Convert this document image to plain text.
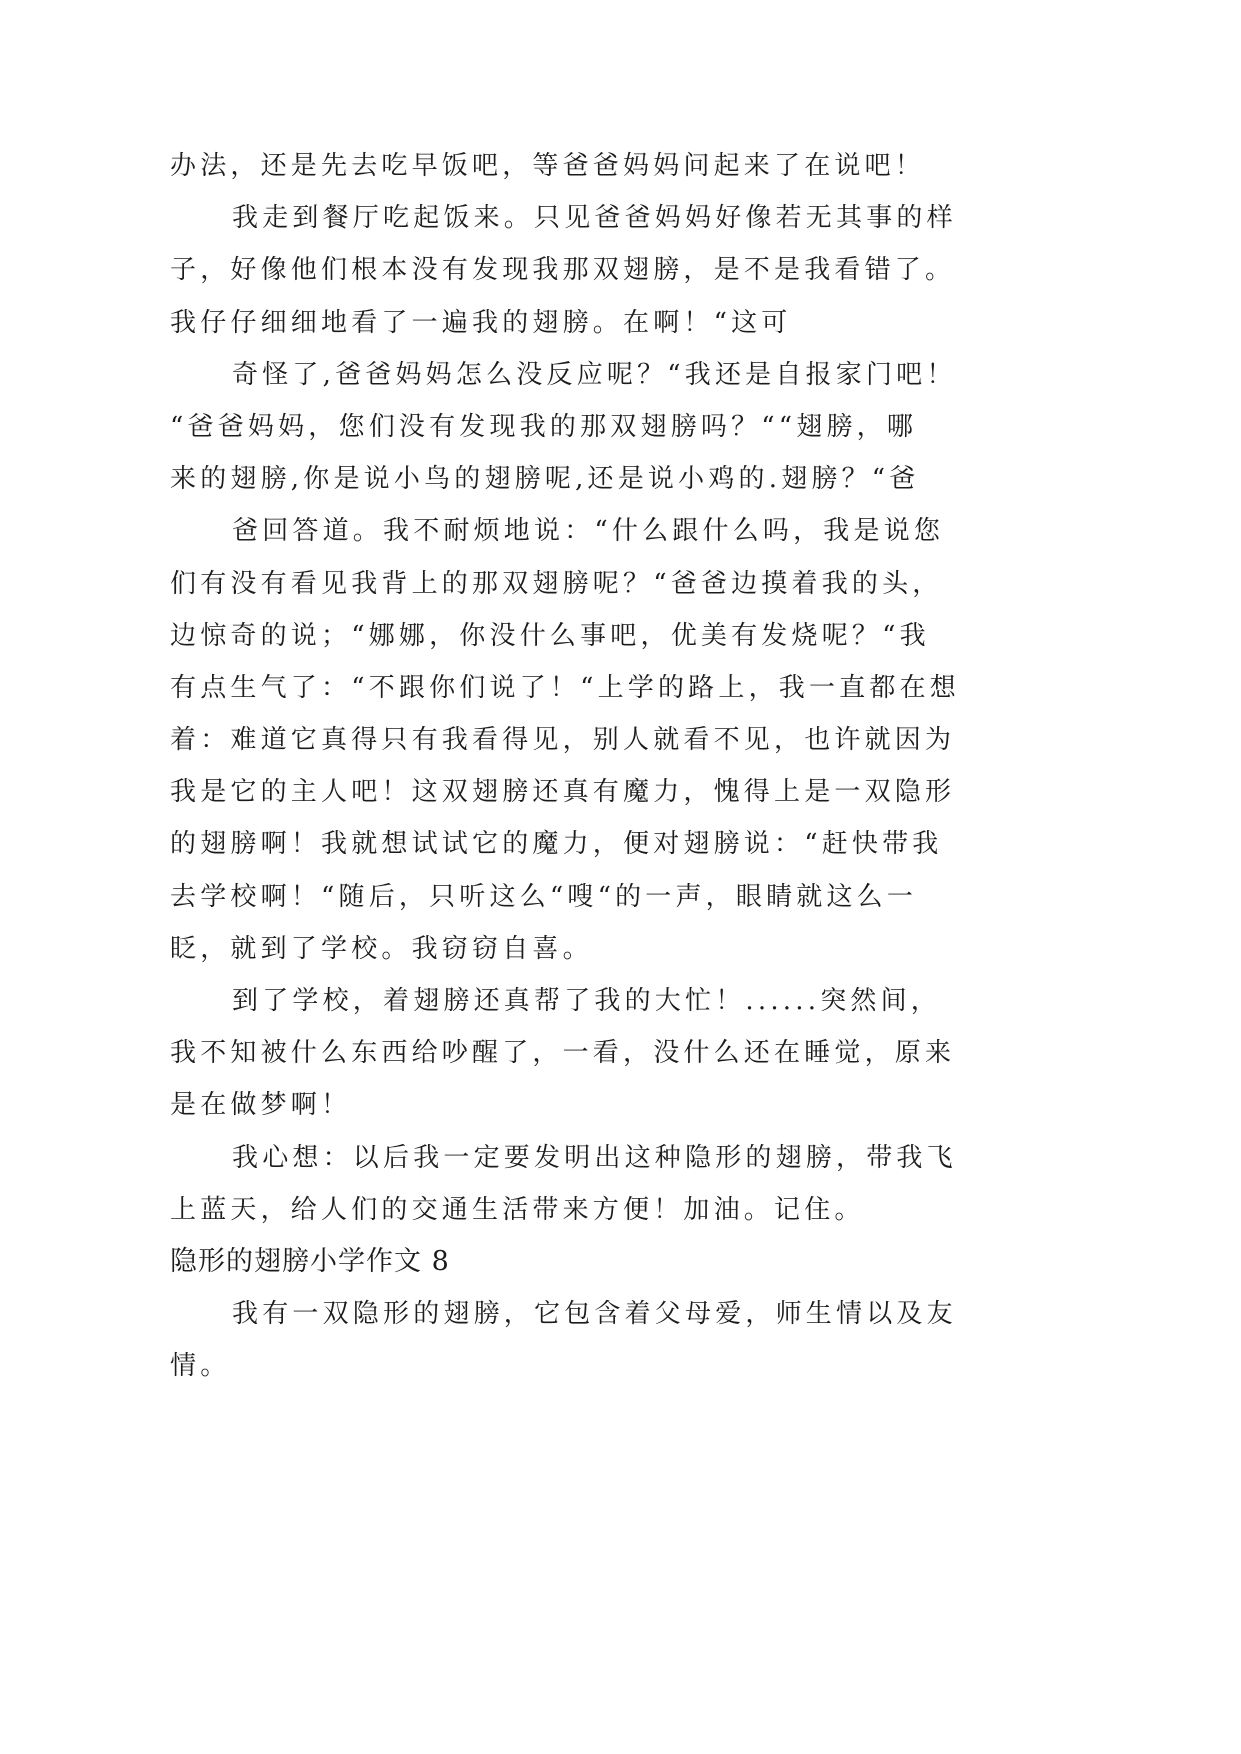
办法，还是先去吃早饭吧，等爸爸妈妈问起来了在说吧！
我走到餐厅吃起饭来。只见爸爸妈妈好像若无其事的样
子，好像他们根本没有发现我那双翅膀，是不是我看错了。
我仔仔细细地看了一遍我的翅膀。在啊！“这可
奇怪了,爸爸妈妈怎么没反应呢？“我还是自报家门吧！
“爸爸妈妈，您们没有发现我的那双翅膀吗？““翅膀，哪
来的翅膀,你是说小鸟的翅膀呢,还是说小鸡的.翅膀？“爸
爸回答道。我不耐烦地说：“什么跟什么吗，我是说您
们有没有看见我背上的那双翅膀呢？“爸爸边摸着我的头，
边惊奇的说；“娜娜，你没什么事吧，优美有发烧呢？“我
有点生气了：“不跟你们说了！“上学的路上，我一直都在想
着：难道它真得只有我看得见，别人就看不见，也许就因为
我是它的主人吧！这双翅膀还真有魔力，愧得上是一双隐形
的翅膀啊！我就想试试它的魔力，便对翅膀说：“赶快带我
去学校啊！“随后，只听这么“嗖“的一声，眼睛就这么一
眨，就到了学校。我窃窃自喜。
到了学校，着翅膀还真帮了我的大忙！......突然间，
我不知被什么东西给吵醒了，一看，没什么还在睡觉，原来
是在做梦啊！
我心想：以后我一定要发明出这种隐形的翅膀，带我飞
上蓝天，给人们的交通生活带来方便！加油。记住。
隐形的翅膀小学作文 8
我有一双隐形的翅膀，它包含着父母爱，师生情以及友
情。
